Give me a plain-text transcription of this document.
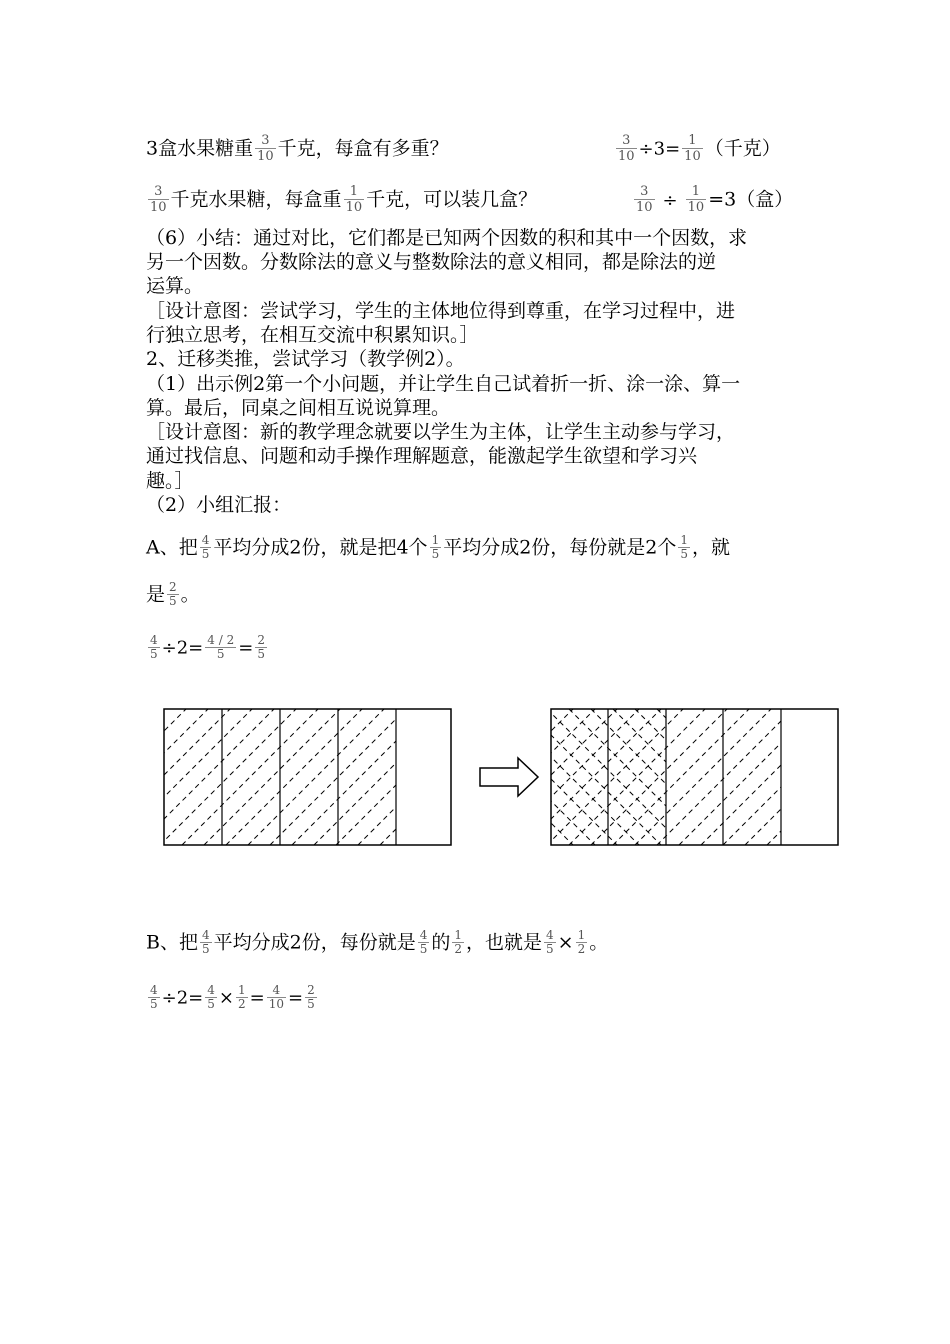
3盒水果糖重 $\frac{3}{10}$ 千克，每盒有多重？	$\frac{3}{10} \div 3= \frac{1}{10}$ （千克）
$\frac{3}{10}$ 千克水果糖，每盒重 $\frac{1}{10}$ 千克，可以装几盒？	$\frac{3}{10} \div \frac{1}{10} =3$（盒）
（6）小结：通过对比，它们都是已知两个因数的积和其中一个因数，求
另一个因数。分数除法的意义与整数除法的意义相同，都是除法的逆
运算。
［设计意图：尝试学习，学生的主体地位得到尊重，在学习过程中，进
行独立思考，在相互交流中积累知识。］
2、迁移类推，尝试学习（教学例2）。
（1）出示例2第一个小问题，并让学生自己试着折一折、涂一涂、算一
算。最后，同桌之间相互说说算理。
［设计意图：新的教学理念就要以学生为主体，让学生主动参与学习，
通过找信息、问题和动手操作理解题意，能激起学生欲望和学习兴
趣。］
（2）小组汇报：
A、把 $\frac{4}{5}$ 平均分成2份，就是把4个 $\frac{1}{5}$ 平均分成2份，每份就是2个 $\frac{1}{5}$ ，就
是 $\frac{2}{5}$ 。
$\frac{4}{5} \div 2= \frac{4 / 2}{5} = \frac{2}{5}$
B、把 $\frac{4}{5}$ 平均分成2份，每份就是 $\frac{4}{5}$ 的 $\frac{1}{2}$ ，也就是 $\frac{4}{5} \times \frac{1}{2}$ 。
$\frac{4}{5} \div 2= \frac{4}{5} \times \frac{1}{2} = \frac{4}{10} = \frac{2}{5}$
